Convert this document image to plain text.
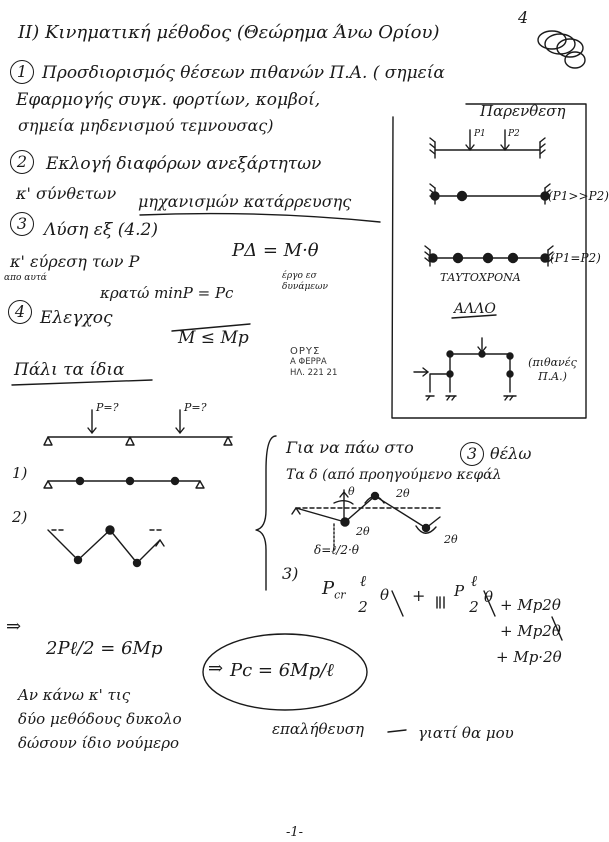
II) Κινηματική μέθοδος (Θεώρημα Άνω Ορίου)
4
1 Προσδιορισμός θέσεων πιθανών Π.Α. ( σημεία
Εφαρμογής συγκ. φορτίων, κομβοί,
σημεία μηδενισμού τεμνουσας)
2	Εκλογή διαφόρων ανεξάρτητων
κ' σύνθετων μηχανισμών κατάρρευσης
3 Λύση εξ (4.2)
PΔ = M·θ
έργο εσ
δυνάμεων
κ' εύρεση των P
απο αυτά
κρατώ minP = Pc
4 Ελεγχος
M ≤ Mp
Πάλι τα ίδια
P=?	P=?
1)
2)
ΟΡΥΣ
Α ΦΕΡΡΑ
ΗΛ. 221 21
Παρενθεση
P1 P2
(P1>>P2)
(P1=P2)
ΤΑΥΤΟΧΡΟΝΑ
ΑΛΛΟ
(πιθανές Π.Α.)
Για να πάω στο	3 θέλω
Τα δ (από προηγούμενο κεφάλ
θ	2θ
2θ
2θ
δ=ℓ/2·θ
3)
$P_{cr}$
ℓ
2
θ + P
ℓ
2
θ + Mp2θ
+ Mp2θ
+ Mp·2θ
⇒
2Pℓ/2 = 6Mp
⇒ Pc = 6Mp/ℓ
Αν κάνω κ' τις
δύο μεθόδους δυκολο
επαλήθευση	γιατί θα μου
δώσουν ίδιο νούμερο
-1-
